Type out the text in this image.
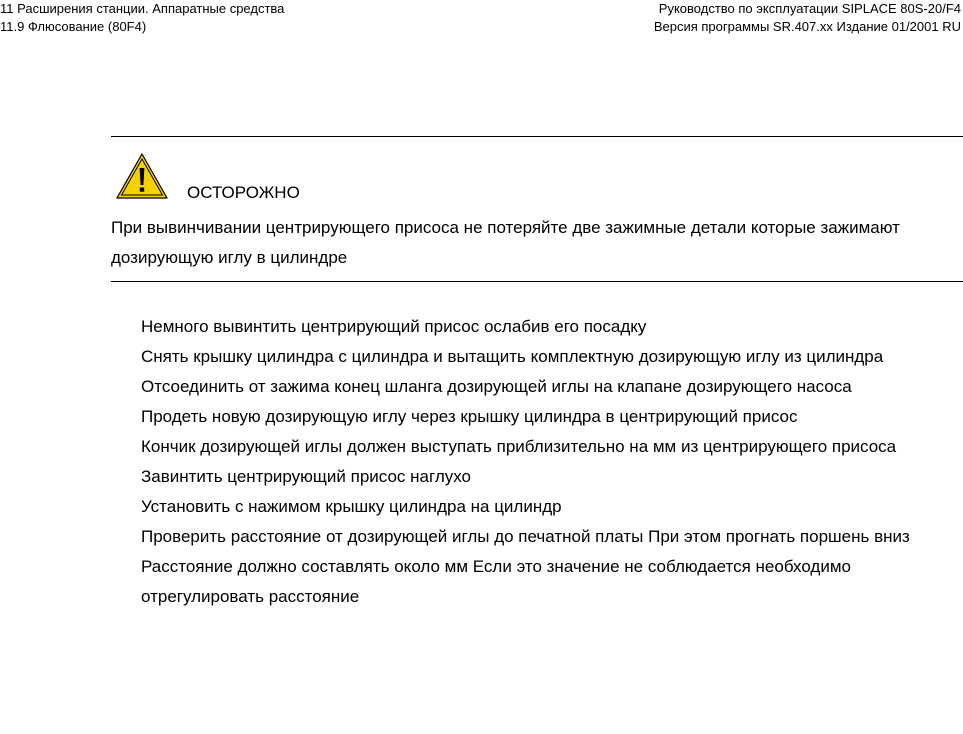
11 Расширения станции. Аппаратные средства
11.9 Флюсование (80F4)
Руководство по эксплуатации SIPLACE 80S-20/F4
Версия программы SR.407.xx Издание 01/2001 RU
ОСТОРОЖНО
При вывинчивании центрирующего присоса не потеряйте две зажимные детали которые зажимают дозирующую иглу в цилиндре
Немного вывинтить центрирующий присос ослабив его посадку
Снять крышку цилиндра с цилиндра и вытащить комплектную дозирующую иглу из цилиндра
Отсоединить от зажима конец шланга дозирующей иглы на клапане дозирующего насоса
Продеть новую дозирующую иглу через крышку цилиндра в центрирующий присос
Кончик дозирующей иглы должен выступать приблизительно на мм из центрирующего присоса
Завинтить центрирующий присос наглухо
Установить с нажимом крышку цилиндра на цилиндр
Проверить расстояние от дозирующей иглы до печатной платы При этом прогнать поршень вниз Расстояние должно составлять около мм Если это значение не соблюдается необходимо отрегулировать расстояние
